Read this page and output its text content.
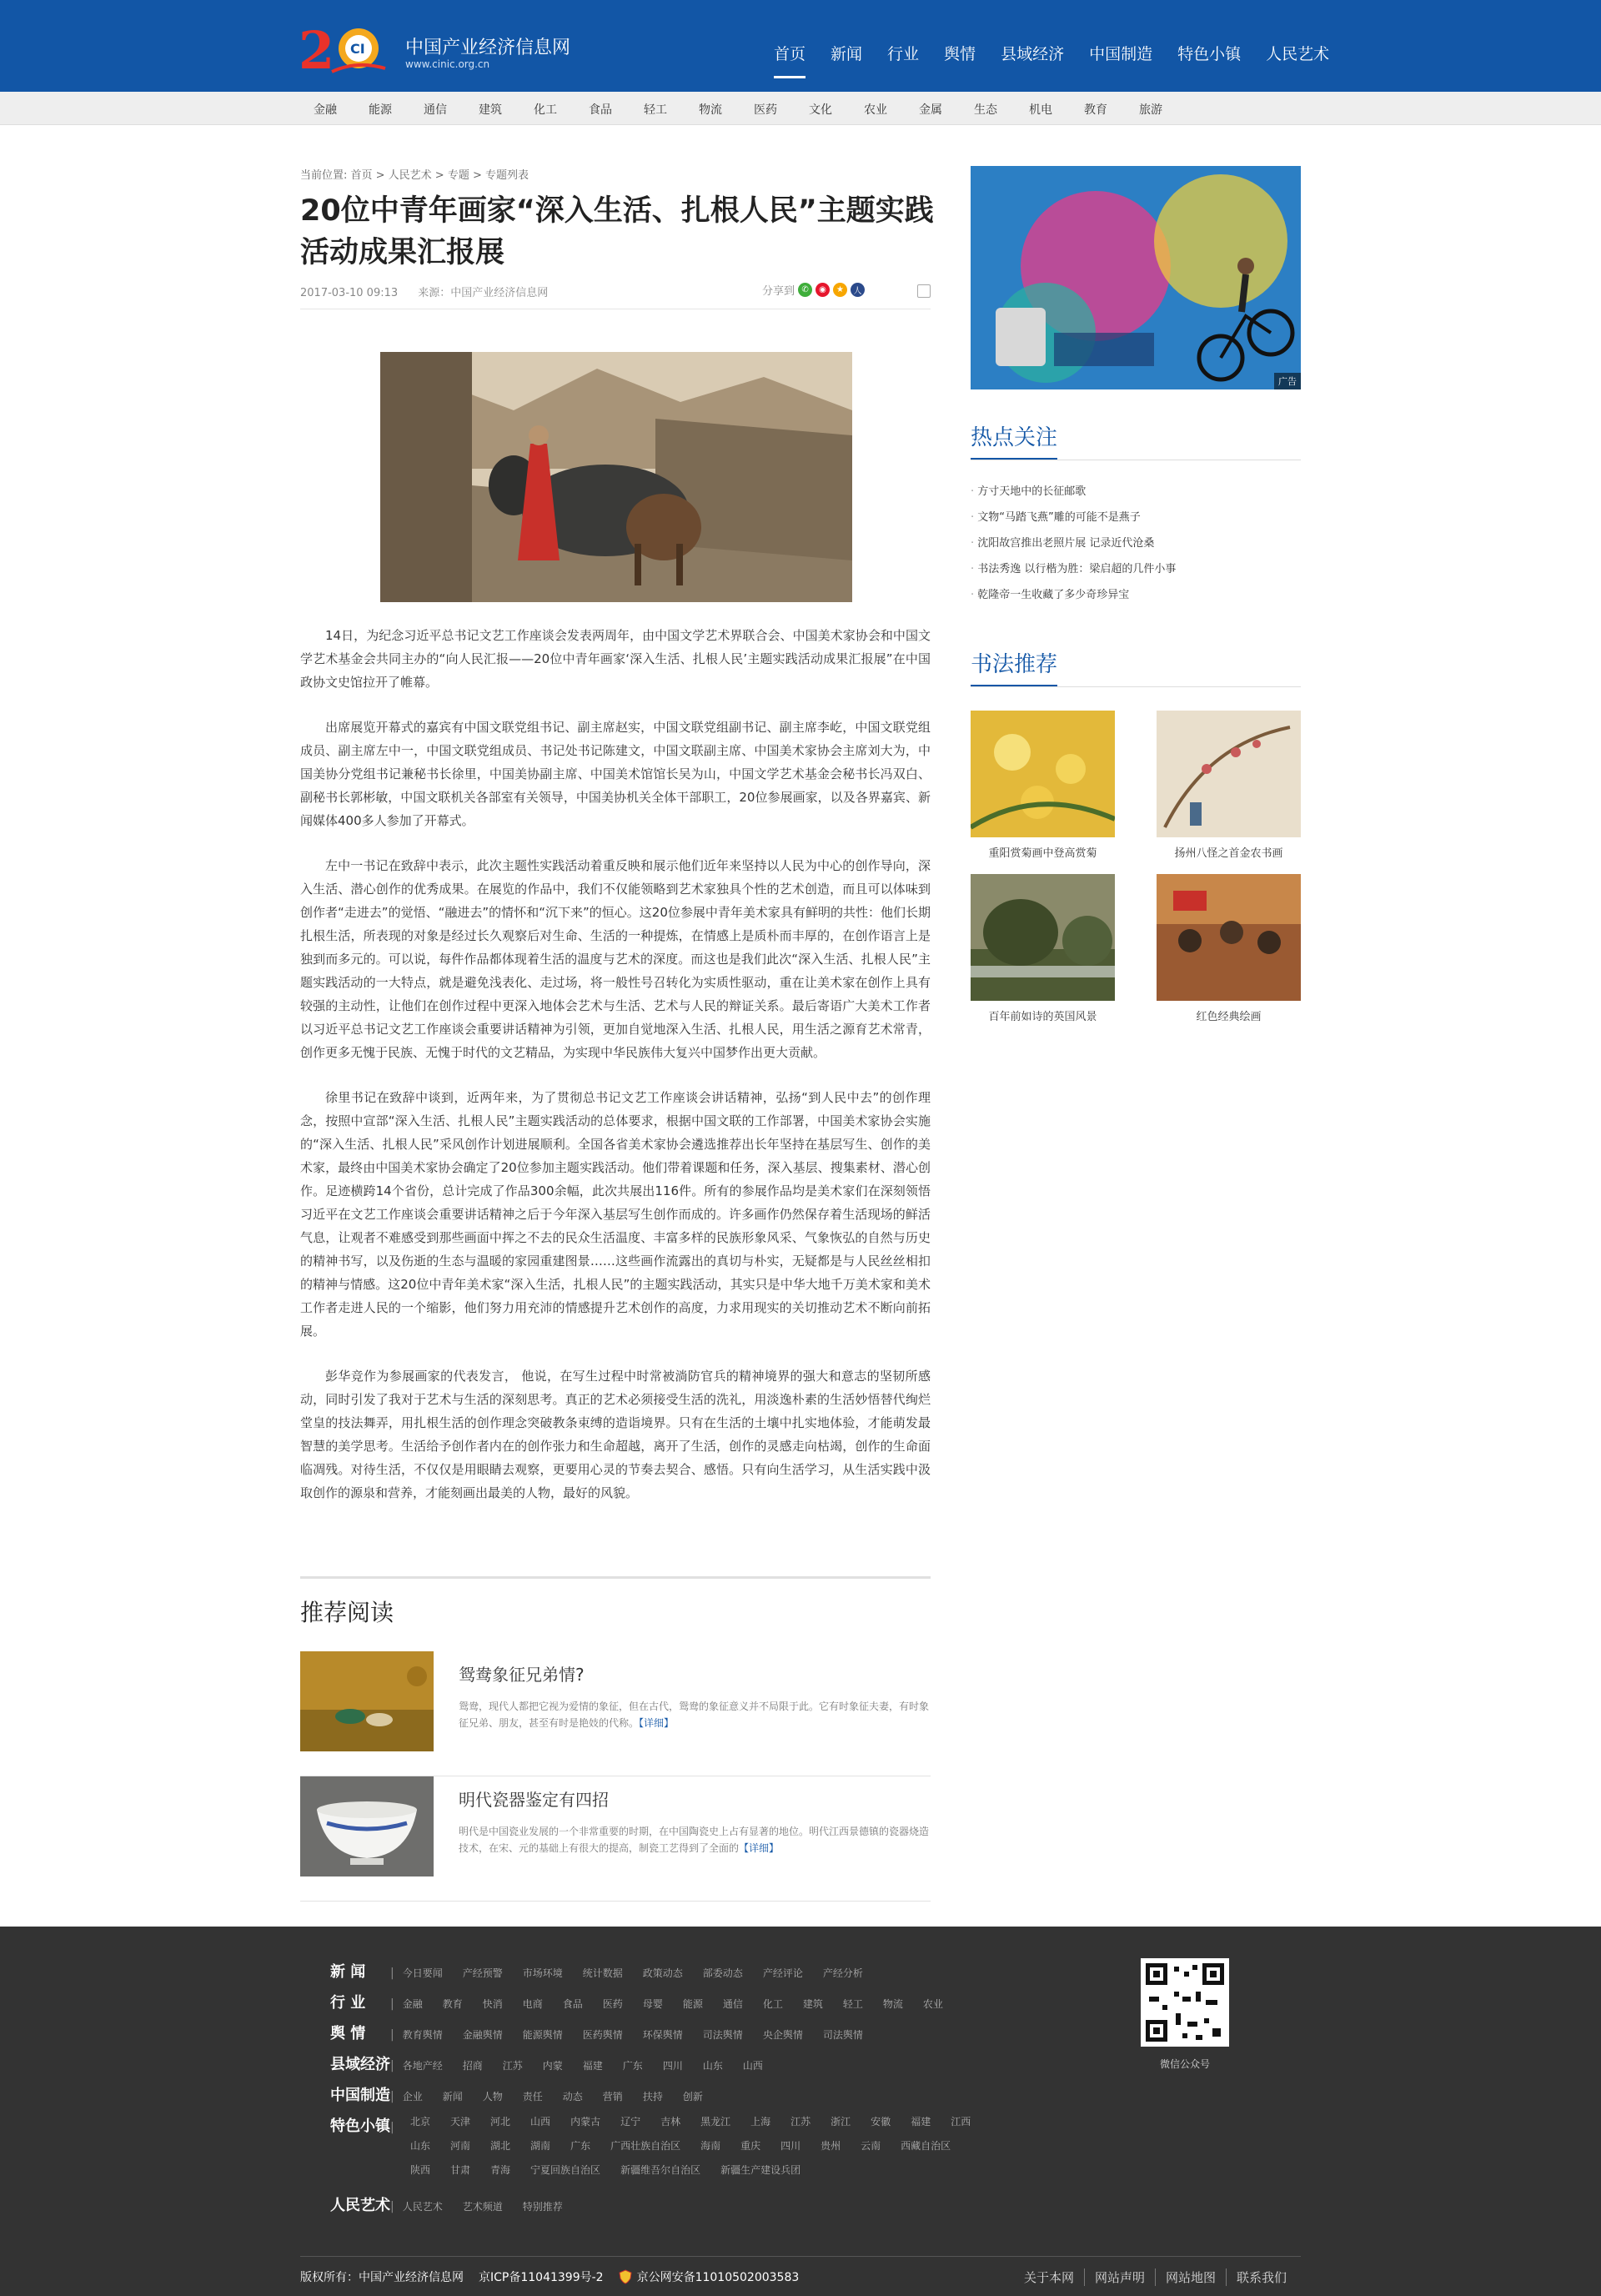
2 CI 中国产业经济信息网
www.cinic.org.cn
首页 新闻 行业 舆情 县域经济 中国制造 特色小镇 人民艺术
金融	能源	通信	建筑	化工	食品	轻工	物流	医药	文化	农业	金属	生态	机电	教育	旅游
当前位置: 首页 > 人民艺术 > 专题 > 专题列表
20位中青年画家“深入生活、扎根人民”主题实践活动成果汇报展
2017-03-10 09:13 来源：中国产业经济信息网	分享到 ✆	◉	★	人

14日，为纪念习近平总书记文艺工作座谈会发表两周年，由中国文学艺术界联合会、中国美术家协会和中国文学艺术基金会共同主办的“向人民汇报——20位中青年画家‘深入生活、扎根人民’主题实践活动成果汇报展”在中国政协文史馆拉开了帷幕。

出席展览开幕式的嘉宾有中国文联党组书记、副主席赵实，中国文联党组副书记、副主席李屹，中国文联党组成员、副主席左中一，中国文联党组成员、书记处书记陈建文，中国文联副主席、中国美术家协会主席刘大为，中国美协分党组书记兼秘书长徐里，中国美协副主席、中国美术馆馆长吴为山，中国文学艺术基金会秘书长冯双白、副秘书长郭彬敏，中国文联机关各部室有关领导，中国美协机关全体干部职工，20位参展画家，以及各界嘉宾、新闻媒体400多人参加了开幕式。

左中一书记在致辞中表示，此次主题性实践活动着重反映和展示他们近年来坚持以人民为中心的创作导向，深入生活、潜心创作的优秀成果。在展览的作品中，我们不仅能领略到艺术家独具个性的艺术创造，而且可以体味到创作者“走进去”的觉悟、“融进去”的情怀和“沉下来”的恒心。这20位参展中青年美术家具有鲜明的共性：他们长期扎根生活，所表现的对象是经过长久观察后对生命、生活的一种提炼，在情感上是质朴而丰厚的，在创作语言上是独到而多元的。可以说，每件作品都体现着生活的温度与艺术的深度。而这也是我们此次“深入生活、扎根人民”主题实践活动的一大特点，就是避免浅表化、走过场，将一般性号召转化为实质性驱动，重在让美术家在创作上具有较强的主动性，让他们在创作过程中更深入地体会艺术与生活、艺术与人民的辩证关系。最后寄语广大美术工作者以习近平总书记文艺工作座谈会重要讲话精神为引领，更加自觉地深入生活、扎根人民，用生活之源育艺术常青，创作更多无愧于民族、无愧于时代的文艺精品，为实现中华民族伟大复兴中国梦作出更大贡献。

徐里书记在致辞中谈到，近两年来，为了贯彻总书记文艺工作座谈会讲话精神，弘扬“到人民中去”的创作理念，按照中宣部“深入生活、扎根人民”主题实践活动的总体要求，根据中国文联的工作部署，中国美术家协会实施的“深入生活、扎根人民”采风创作计划进展顺利。全国各省美术家协会遴选推荐出长年坚持在基层写生、创作的美术家，最终由中国美术家协会确定了20位参加主题实践活动。他们带着课题和任务，深入基层、搜集素材、潜心创作。足迹横跨14个省份，总计完成了作品300余幅，此次共展出116件。所有的参展作品均是美术家们在深刻领悟习近平在文艺工作座谈会重要讲话精神之后于今年深入基层写生创作而成的。许多画作仍然保存着生活现场的鲜活气息，让观者不难感受到那些画面中挥之不去的民众生活温度、丰富多样的民族形象风采、气象恢弘的自然与历史的精神书写，以及伤逝的生态与温暖的家园重建图景……这些画作流露出的真切与朴实，无疑都是与人民丝丝相扣的精神与情感。这20位中青年美术家“深入生活，扎根人民”的主题实践活动，其实只是中华大地千万美术家和美术工作者走进人民的一个缩影，他们努力用充沛的情感提升艺术创作的高度，力求用现实的关切推动艺术不断向前拓展。

彭华竞作为参展画家的代表发言， 他说，在写生过程中时常被淌防官兵的精神境界的强大和意志的坚韧所感动，同时引发了我对于艺术与生活的深刻思考。真正的艺术必须接受生活的洗礼，用淡逸朴素的生活妙悟替代绚烂堂皇的技法舞弄，用扎根生活的创作理念突破教条束缚的造诣境界。只有在生活的土壤中扎实地体验，才能萌发最智慧的美学思考。生活给予创作者内在的创作张力和生命超越，离开了生活，创作的灵感走向枯竭，创作的生命面临凋残。对待生活，不仅仅是用眼睛去观察，更要用心灵的节奏去契合、感悟。只有向生活学习，从生活实践中汲取创作的源泉和营养，才能刻画出最美的人物，最好的风貌。

推荐阅读
鸳鸯象征兄弟情?
鸳鸯，现代人都把它视为爱情的象征，但在古代，鸳鸯的象征意义并不局限于此。它有时象征夫妻，有时象征兄弟、朋友，甚至有时是艳妓的代称。【详细】
明代瓷器鉴定有四招
明代是中国瓷业发展的一个非常重要的时期，在中国陶瓷史上占有显著的地位。明代江西景德镇的瓷器烧造技术，在宋、元的基础上有很大的提高，制瓷工艺得到了全面的【详细】
广告
热点关注
· 方寸天地中的长征邮歌
· 文物“马踏飞燕”雕的可能不是燕子
· 沈阳故宫推出老照片展 记录近代沧桑
· 书法秀逸 以行楷为胜：梁启超的几件小事
· 乾隆帝一生收藏了多少奇珍异宝
书法推荐
重阳赏菊画中登高赏菊	扬州八怪之首金农书画
百年前如诗的英国风景	红色经典绘画
新 闻	| 今日要闻 产经预警 市场环境 统计数据 政策动态 部委动态 产经评论 产经分析
行 业	| 金融 教育 快消 电商 食品 医药 母婴 能源 通信 化工 建筑 轻工 物流 农业
舆 情	| 教育舆情 金融舆情 能源舆情 医药舆情 环保舆情 司法舆情 央企舆情 司法舆情
县域经济 | 各地产经 招商 江苏 内蒙 福建 广东 四川 山东 山西
中国制造 | 企业 新闻 人物 责任 动态 营销 扶持 创新
特色小镇 | 北京 天津 河北 山西 内蒙古 辽宁 吉林 黑龙江 上海 江苏 浙江 安徽 福建 江西
山东 河南 湖北 湖南 广东 广西壮族自治区 海南 重庆 四川 贵州 云南 西藏自治区
陕西 甘肃 青海 宁夏回族自治区 新疆维吾尔自治区 新疆生产建设兵团
人民艺术 | 人民艺术 艺术频道 特别推荐
微信公众号
版权所有：中国产业经济信息网 京ICP备11041399号-2	京公网安备11010502003583	关于本网	网站声明	网站地图	联系我们
